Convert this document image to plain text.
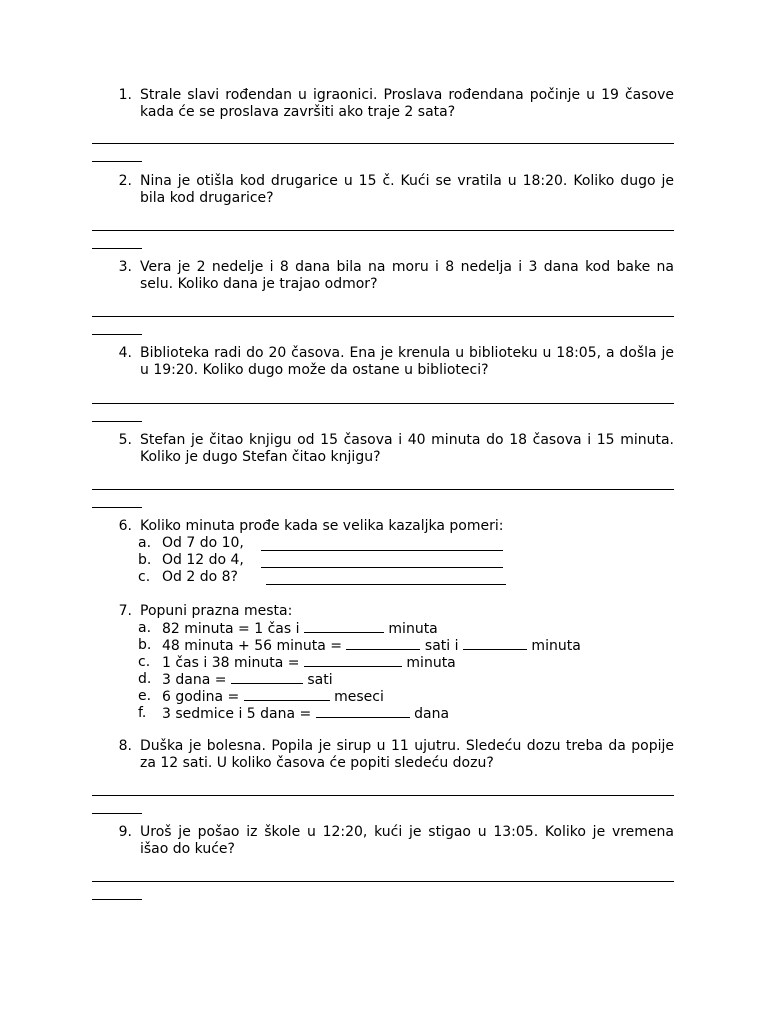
1. Strale slavi rođendan u igraonici. Proslava rođendana počinje u 19 časove kada će se proslava završiti ako traje 2 sata?
2. Nina je otišla kod drugarice u 15 č. Kući se vratila u 18:20. Koliko dugo je bila kod drugarice?
3. Vera je 2 nedelje i 8 dana bila na moru i 8 nedelja i 3 dana kod bake na selu. Koliko dana je trajao odmor?
4. Biblioteka radi do 20 časova. Ena je krenula u biblioteku u 18:05, a došla je u 19:20. Koliko dugo može da ostane u biblioteci?
5. Stefan je čitao knjigu od 15 časova i 40 minuta do 18 časova i 15 minuta. Koliko je dugo Stefan čitao knjigu?
6. Koliko minuta prođe kada se velika kazaljka pomeri:
a. Od 7 do 10,
b. Od 12 do 4,
c. Od 2 do 8?
7. Popuni prazna mesta:
a. 82 minuta = 1 čas i	minuta
b. 48 minuta + 56 minuta =	sati i	minuta
c. 1 čas i 38 minuta =	minuta
d. 3 dana =	sati
e. 6 godina =	meseci
f.	3 sedmice i 5 dana =	dana
8. Duška je bolesna. Popila je sirup u 11 ujutru. Sledeću dozu treba da popije za 12 sati. U koliko časova će popiti sledeću dozu?
9. Uroš je pošao iz škole u 12:20, kući je stigao u 13:05. Koliko je vremena išao do kuće?
